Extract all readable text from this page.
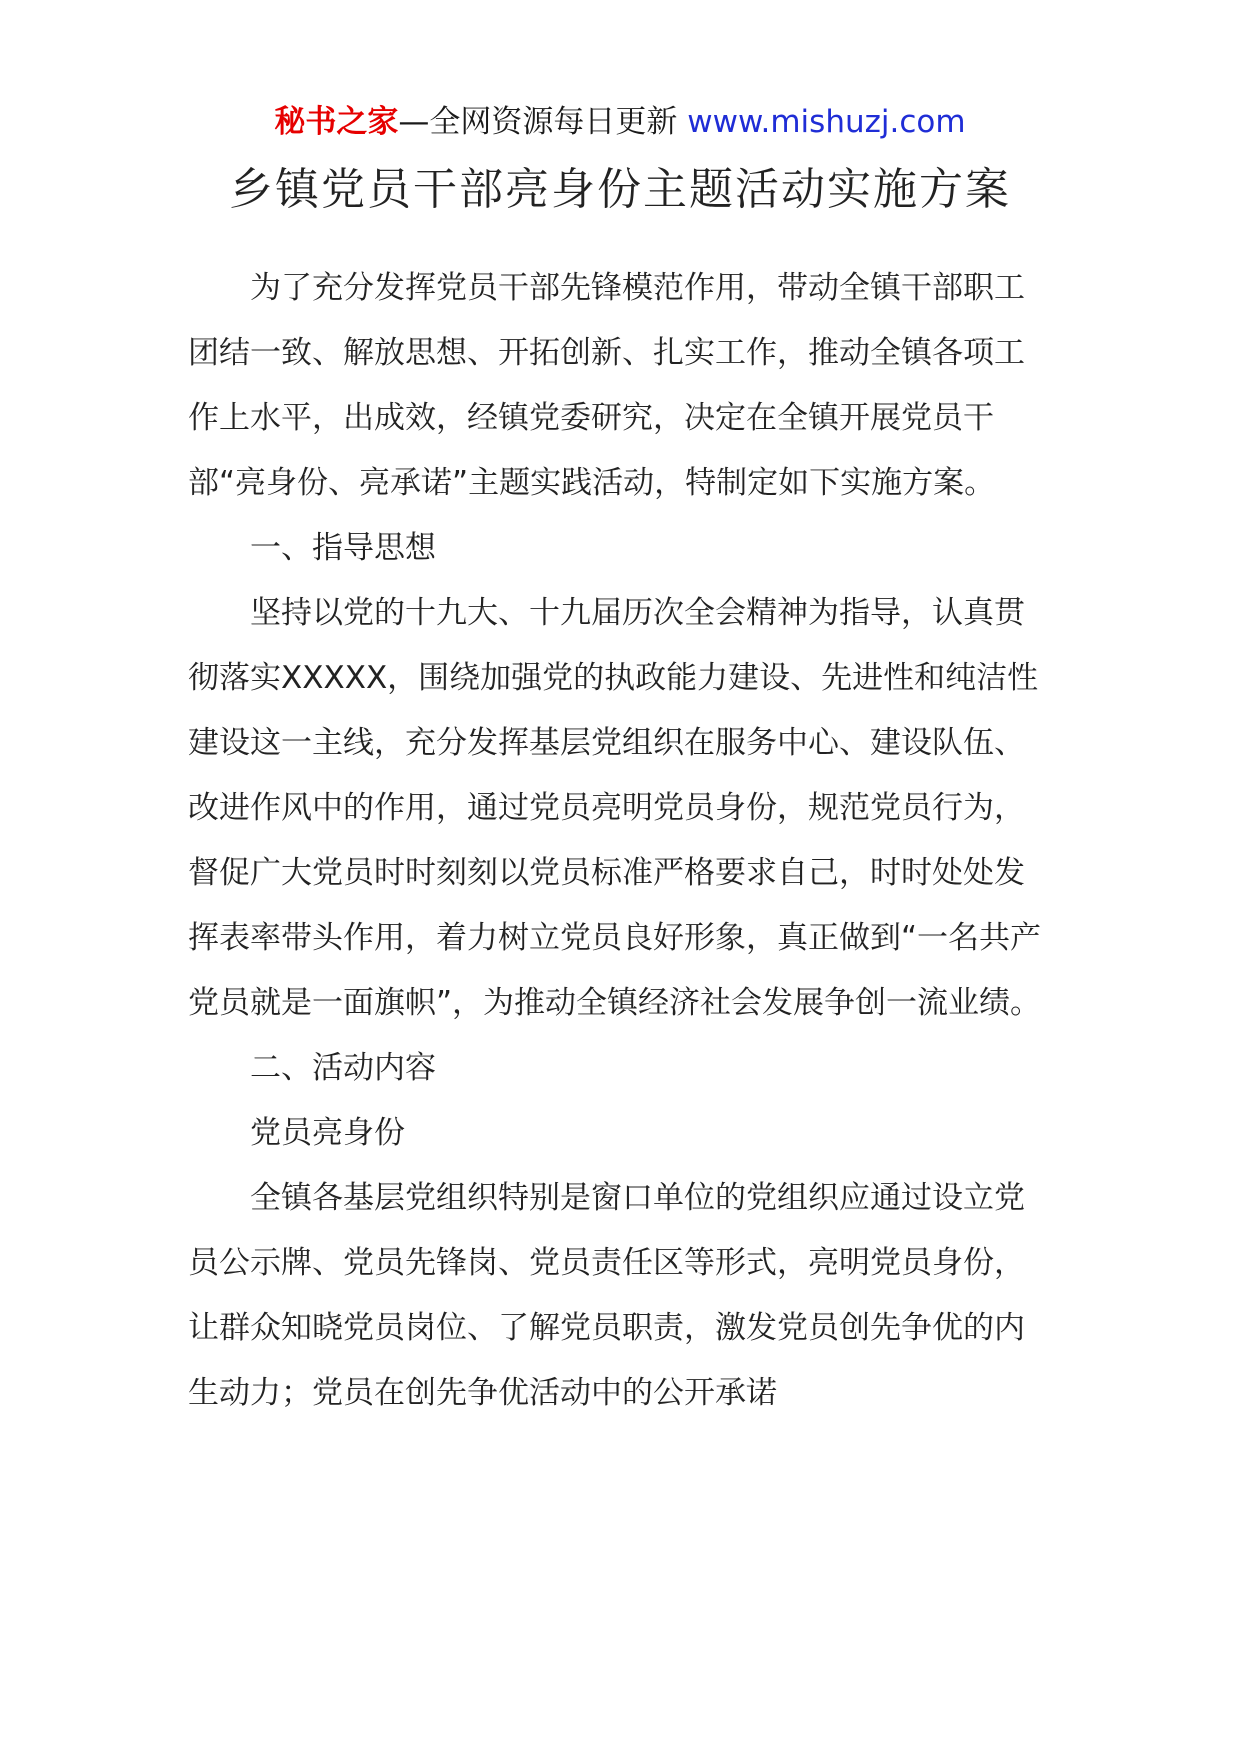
秘书之家—全网资源每日更新 www.mishuzj.com
乡镇党员干部亮身份主题活动实施方案

为了充分发挥党员干部先锋模范作用，带动全镇干部职工团结一致、解放思想、开拓创新、扎实工作，推动全镇各项工作上水平，出成效，经镇党委研究，决定在全镇开展党员干部“亮身份、亮承诺”主题实践活动，特制定如下实施方案。

一、指导思想

坚持以党的十九大、十九届历次全会精神为指导，认真贯彻落实XXXXX，围绕加强党的执政能力建设、先进性和纯洁性建设这一主线，充分发挥基层党组织在服务中心、建设队伍、改进作风中的作用，通过党员亮明党员身份，规范党员行为，督促广大党员时时刻刻以党员标准严格要求自己，时时处处发挥表率带头作用，着力树立党员良好形象，真正做到“一名共产党员就是一面旗帜”，为推动全镇经济社会发展争创一流业绩。

二、活动内容

党员亮身份

全镇各基层党组织特别是窗口单位的党组织应通过设立党员公示牌、党员先锋岗、党员责任区等形式，亮明党员身份，让群众知晓党员岗位、了解党员职责，激发党员创先争优的内生动力；党员在创先争优活动中的公开承诺
